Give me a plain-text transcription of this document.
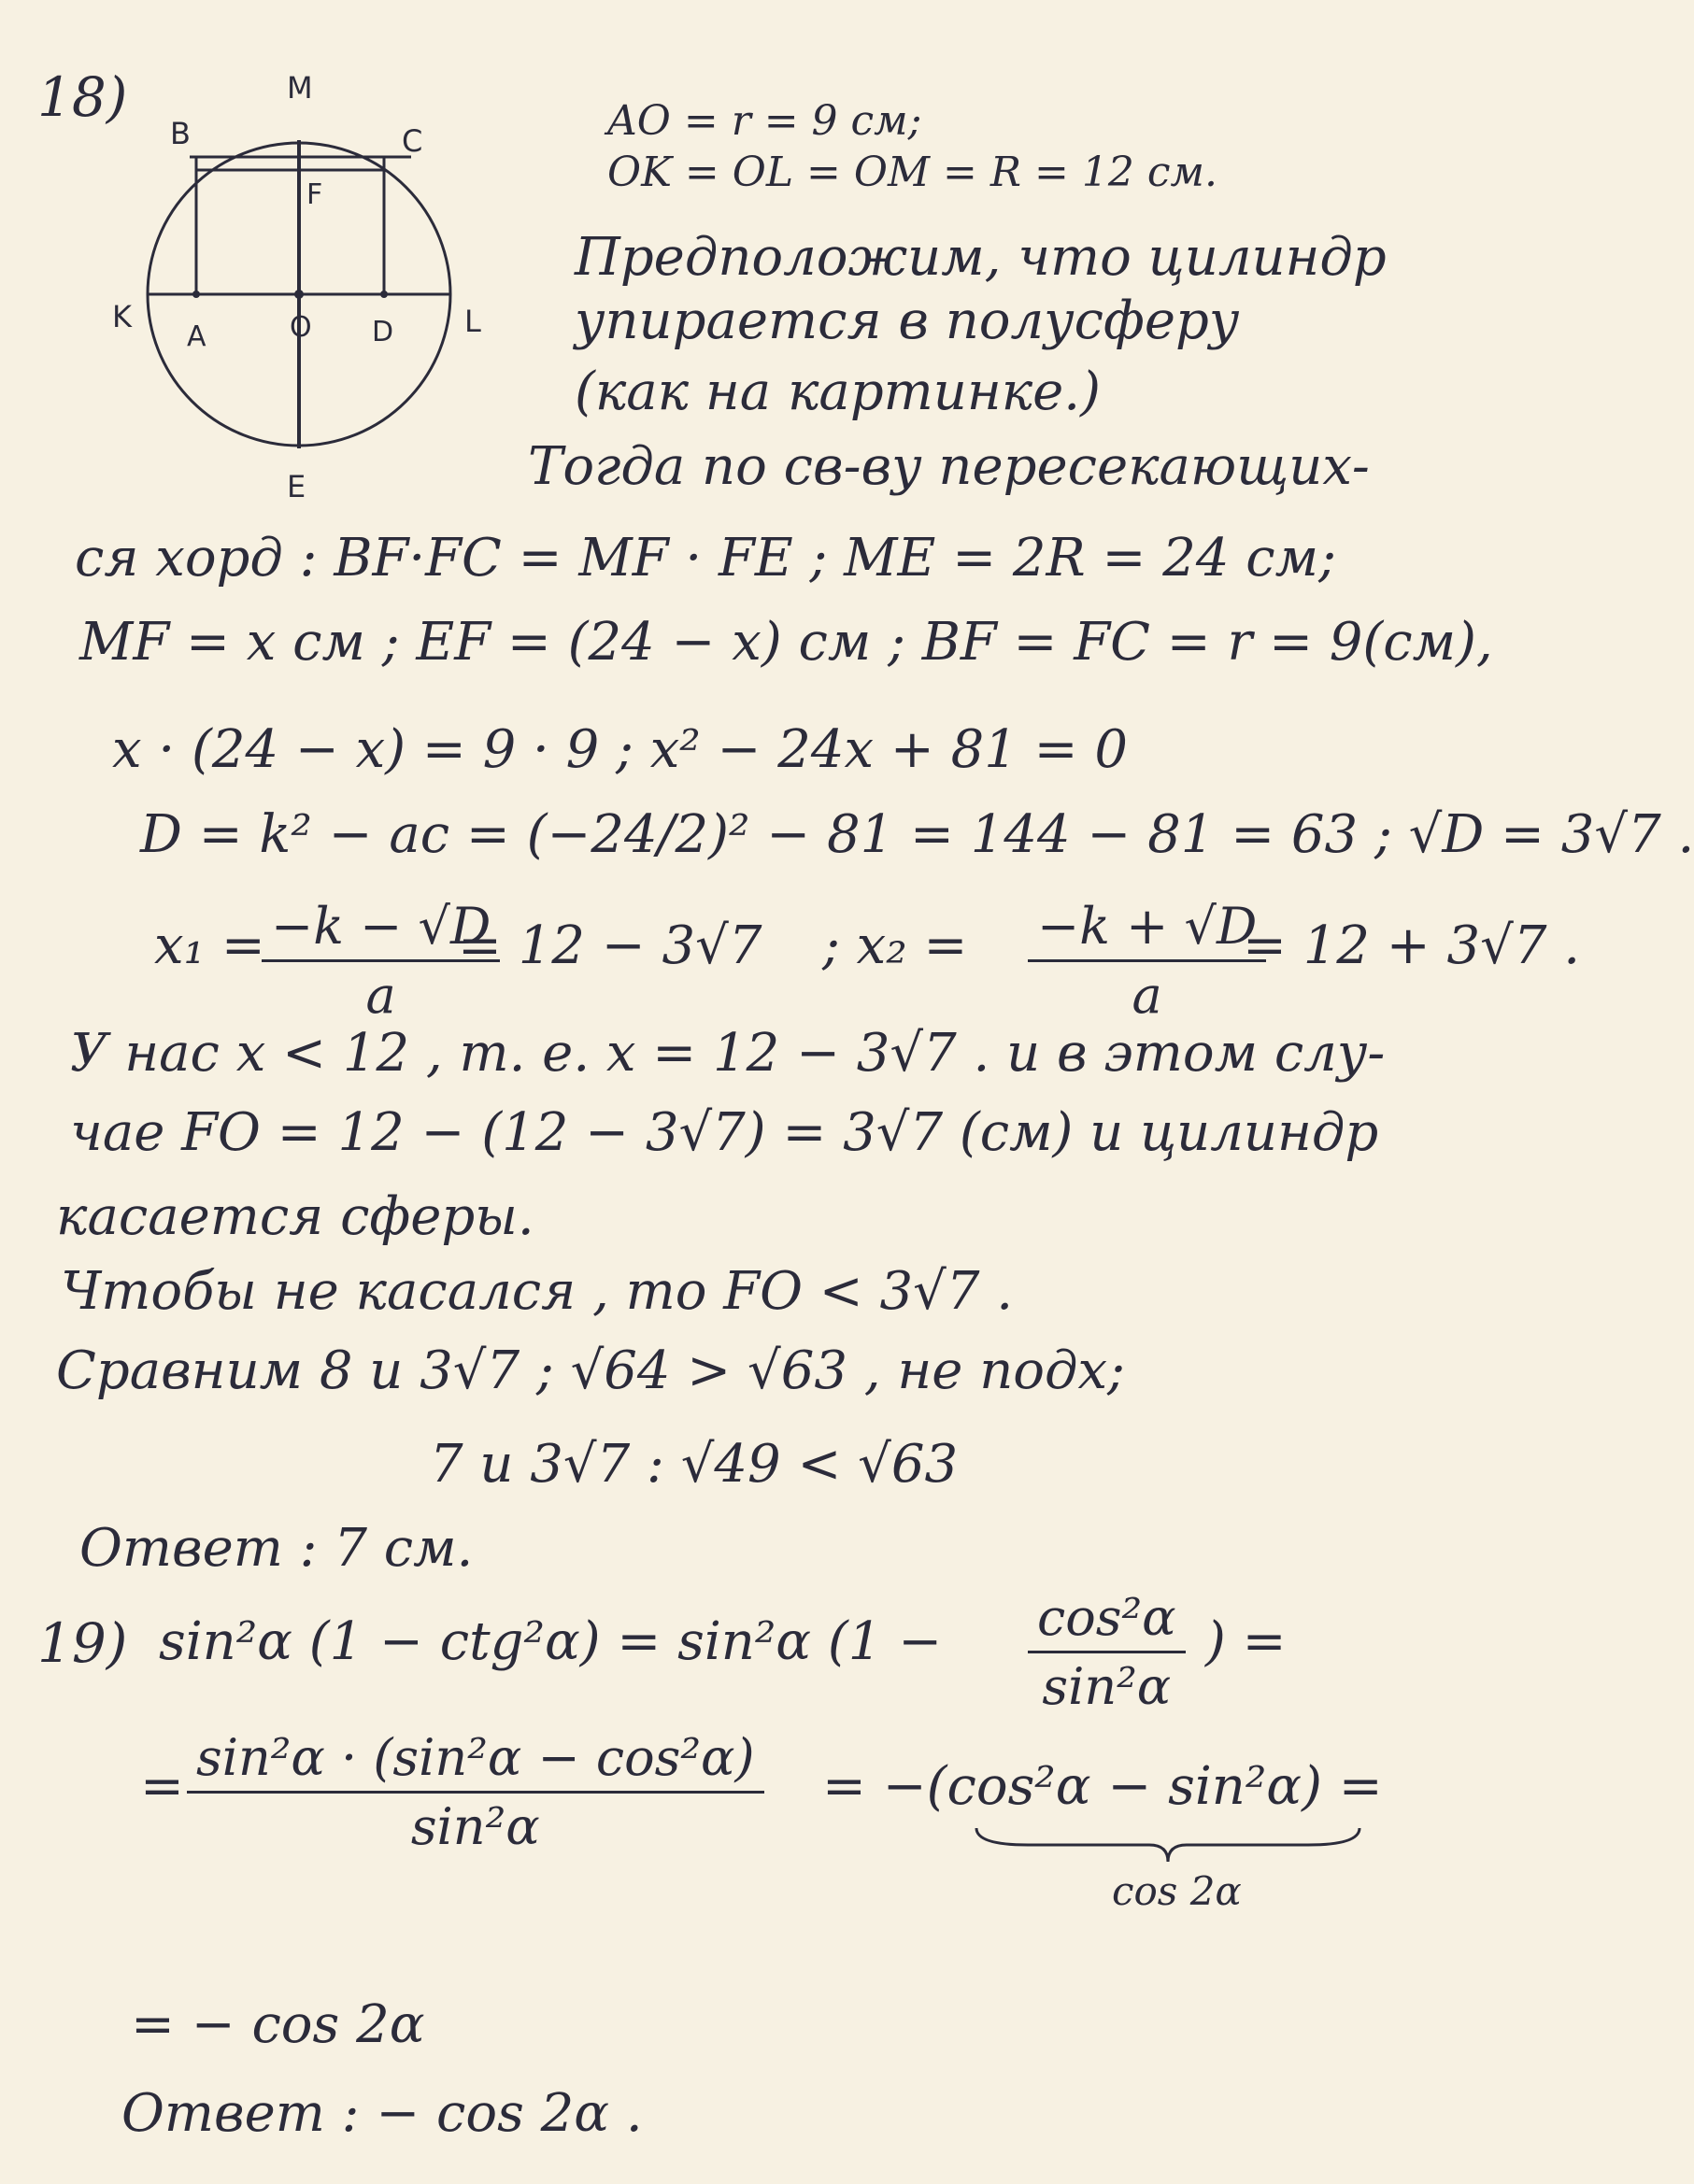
18)	M
B	C
F
K
A	O D L
E
AO = r = 9 см;
OK = OL = OM = R = 12 см.
Предположим, что цилиндр
упирается в полусферу
(как на картинке.)
Тогда по св-ву пересекающих-
ся хорд : BF·FC = MF · FE ; ME = 2R = 24 см;
MF = x см ; EF = (24 − x) см ; BF = FC = r = 9(см),
x · (24 − x) = 9 · 9 ; x² − 24x + 81 = 0
D = k² − ac = (−24/2)² − 81 = 144 − 81 = 63 ; √D = 3√7 .
x₁ =
$\frac{-k - √D}{a}$
= 12 − 3√7 ; $x_2 = \frac{-k + √D}{a}$
= 12 + 3√7 .
У нас x < 12 , т. е. x = 12 − 3√7 . и в этом слу-
чае FO = 12 − (12 − 3√7) = 3√7 (см) и цилиндр
касается сферы.
Чтобы не касался , то FO < 3√7 .
Сравним 8 и 3√7 ; √64 > √63 , не подх;
7 и 3√7 : √49 < √63
Ответ : 7 см.
19) sin²α (1 − ctg²α) = sin²α ($1 - \frac{\text{cos²α}}{\text{sin²α}}$ ) =
= $\frac{\text{sin²α · (sin²α − cos²α)}}{\text{sin²α}} = -(\cos^2\alpha - \sin^2\alpha)$ =
cos 2α
= − cos 2α
Ответ : − cos 2α .
